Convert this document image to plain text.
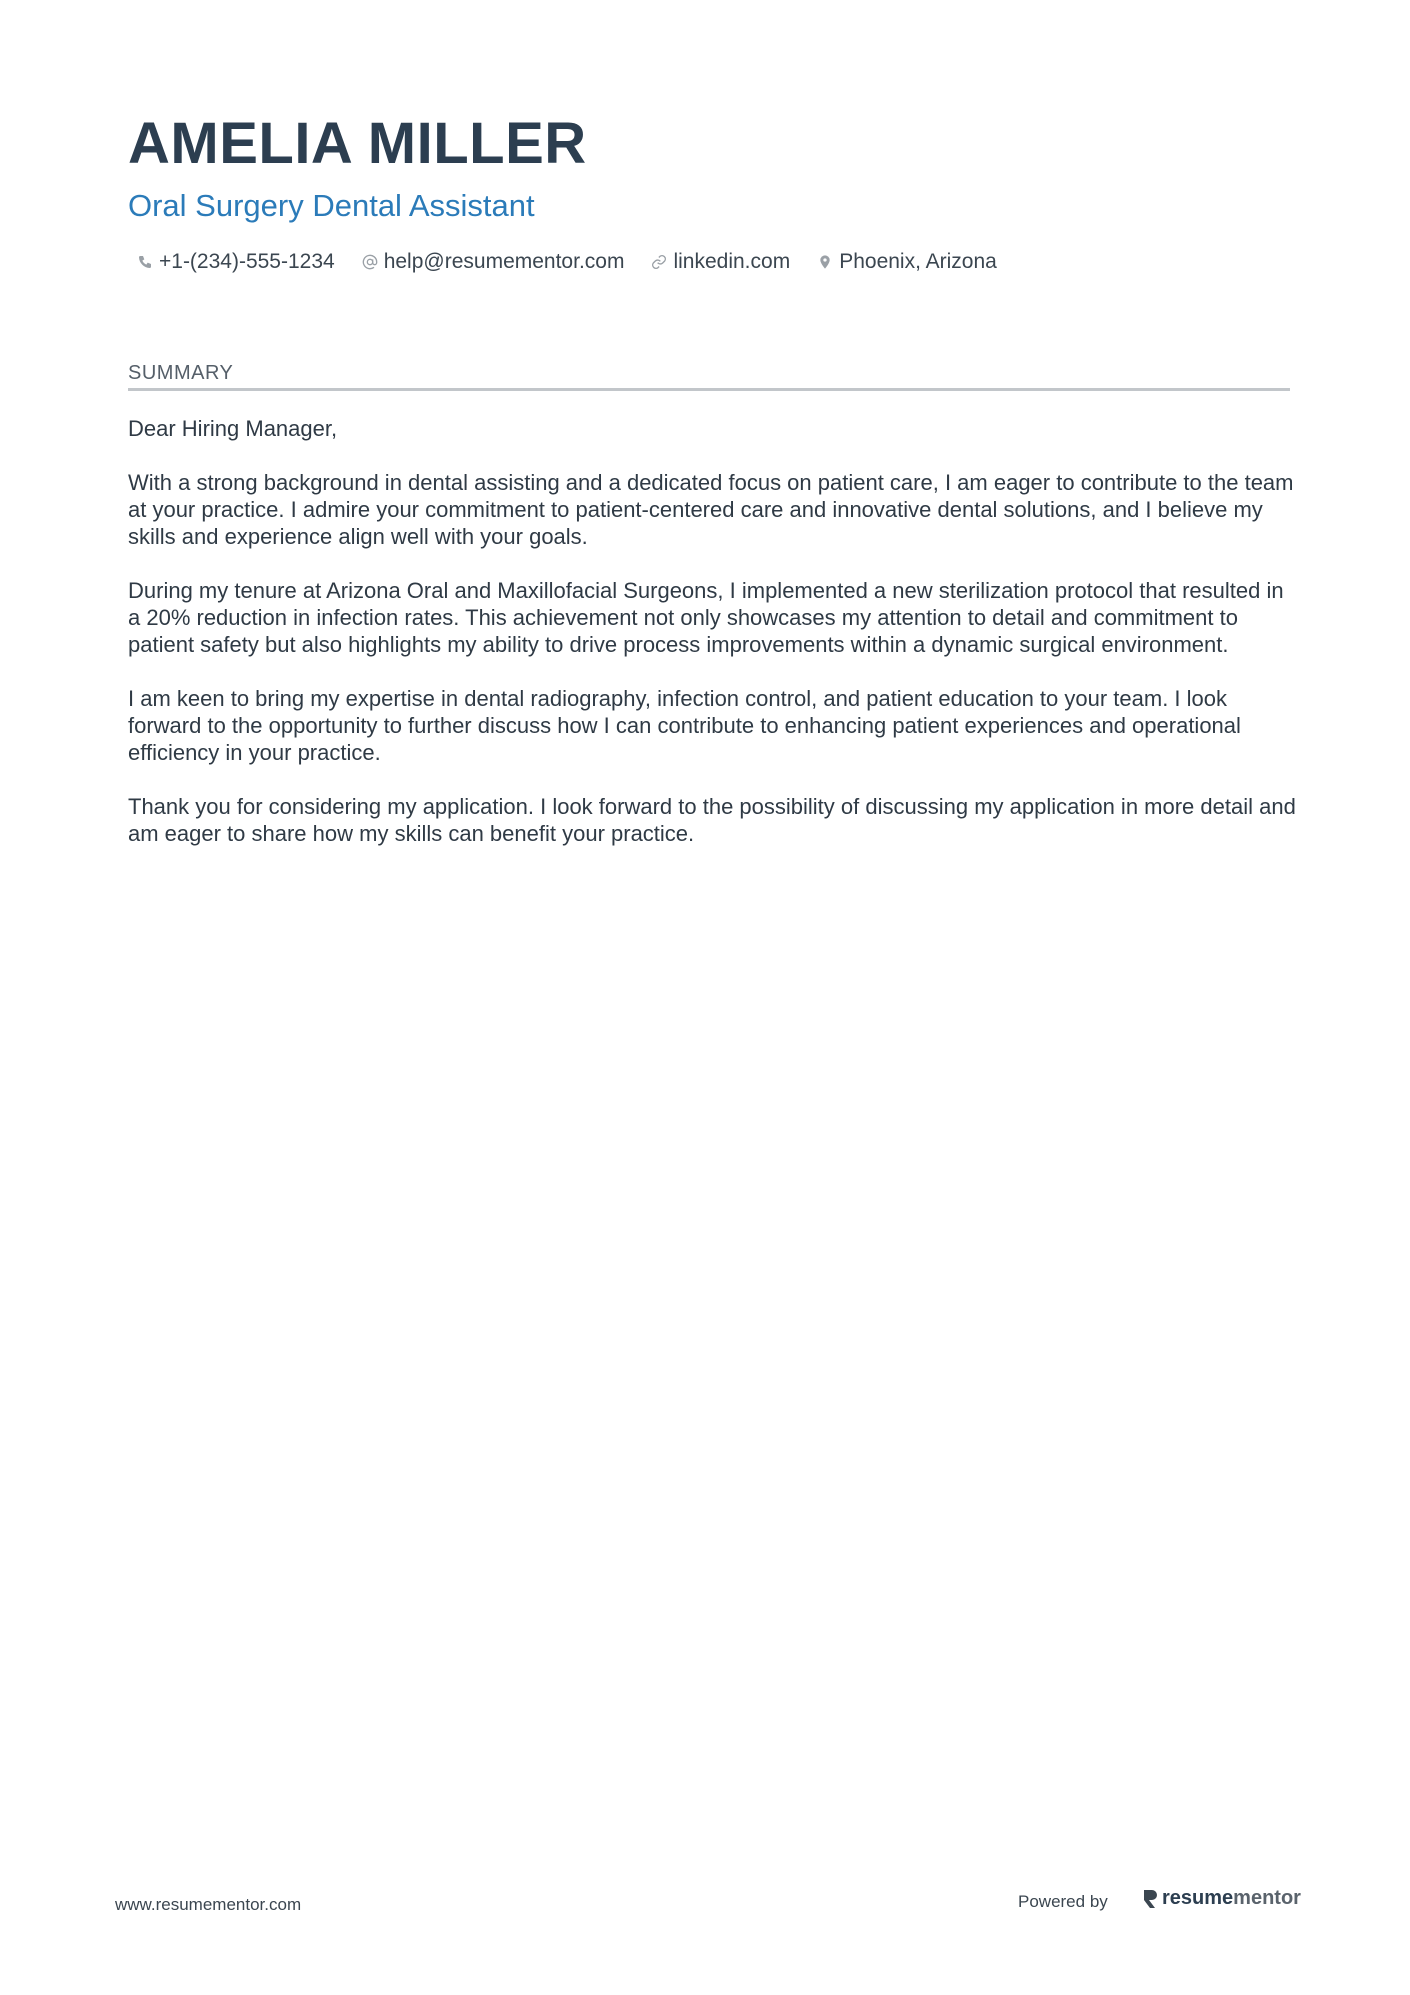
AMELIA MILLER
Oral Surgery Dental Assistant
+1-(234)-555-1234 help@resumementor.com linkedin.com Phoenix, Arizona
SUMMARY

Dear Hiring Manager,

With a strong background in dental assisting and a dedicated focus on patient care, I am eager to contribute to the team at your practice. I admire your commitment to patient-centered care and innovative dental solutions, and I believe my skills and experience align well with your goals.

During my tenure at Arizona Oral and Maxillofacial Surgeons, I implemented a new sterilization protocol that resulted in a 20% reduction in infection rates. This achievement not only showcases my attention to detail and commitment to patient safety but also highlights my ability to drive process improvements within a dynamic surgical environment.

I am keen to bring my expertise in dental radiography, infection control, and patient education to your team. I look forward to the opportunity to further discuss how I can contribute to enhancing patient experiences and operational efficiency in your practice.

Thank you for considering my application. I look forward to the possibility of discussing my application in more detail and am eager to share how my skills can benefit your practice.

www.resumementor.com	Powered by	resume mentor
